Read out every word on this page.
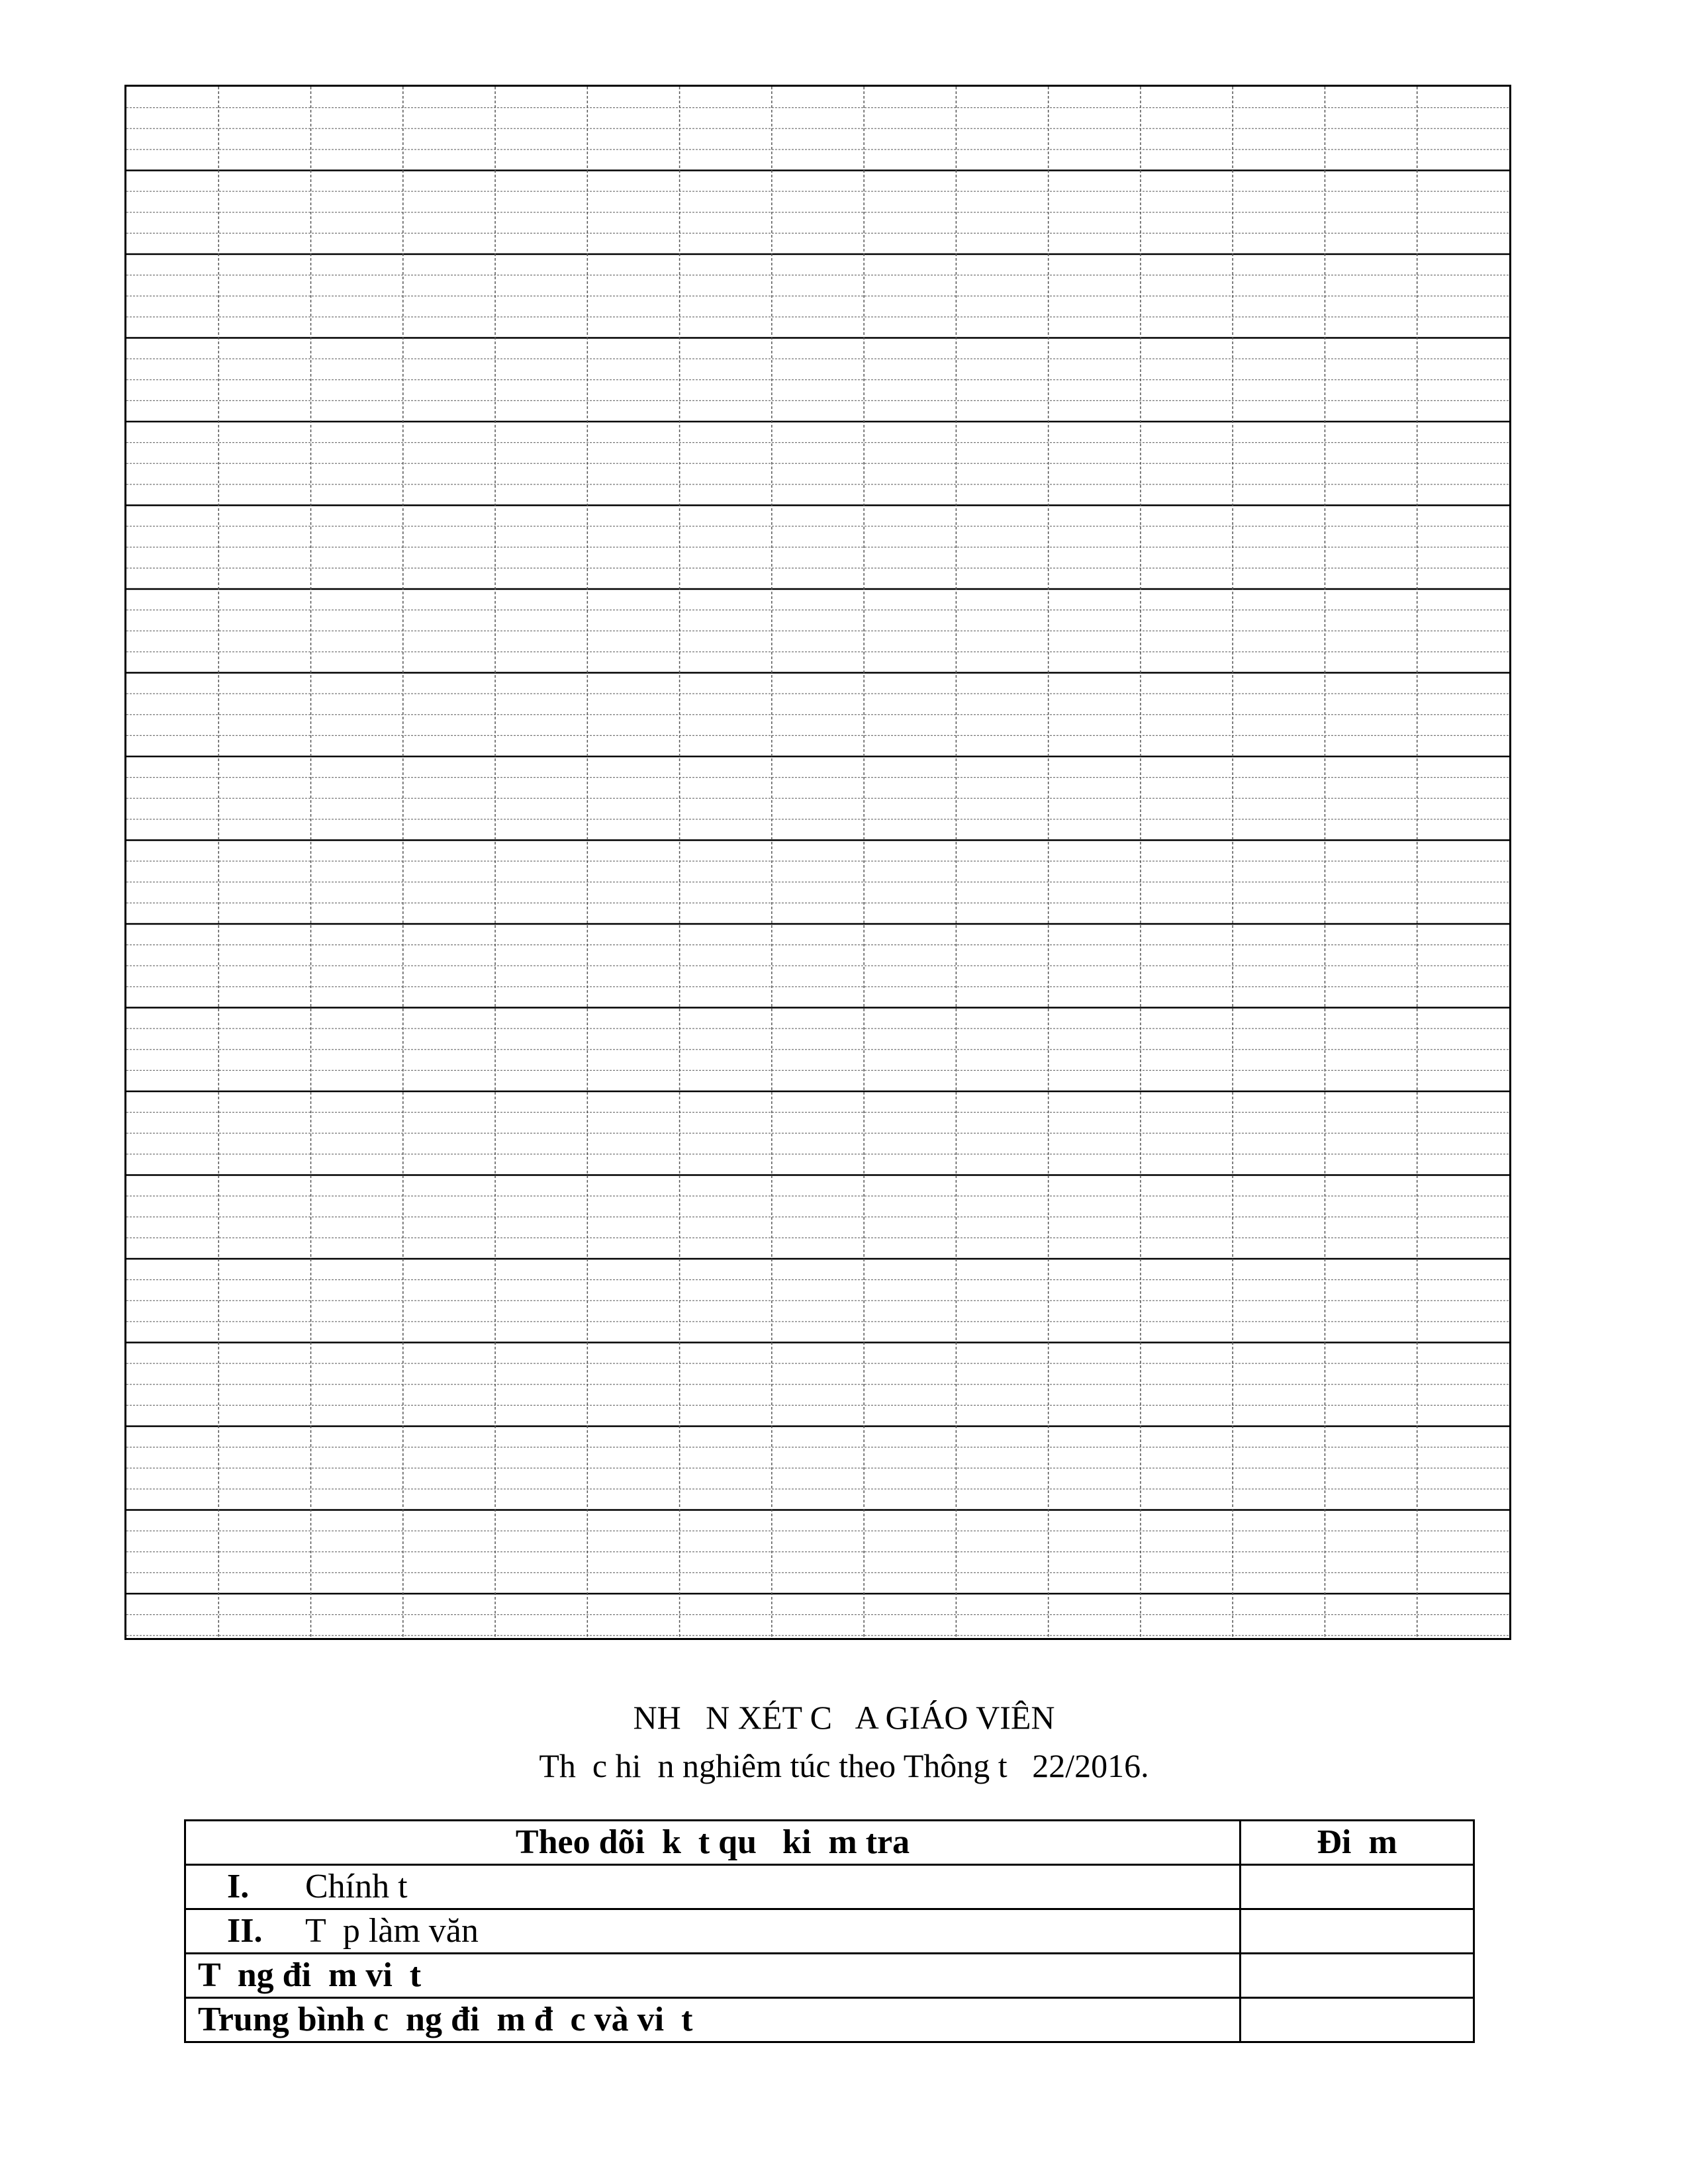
NH   N XÉT C   A GIÁO VIÊN
Th  c hi  n nghiêm túc theo Thông t   22/2016.
Theo dõi  k  t qu   ki  m tra	Đi  m
I. Chính t	
II. T  p làm văn	
T  ng đi  m vi  t	
Trung bình c  ng đi  m đ  c và vi  t	
